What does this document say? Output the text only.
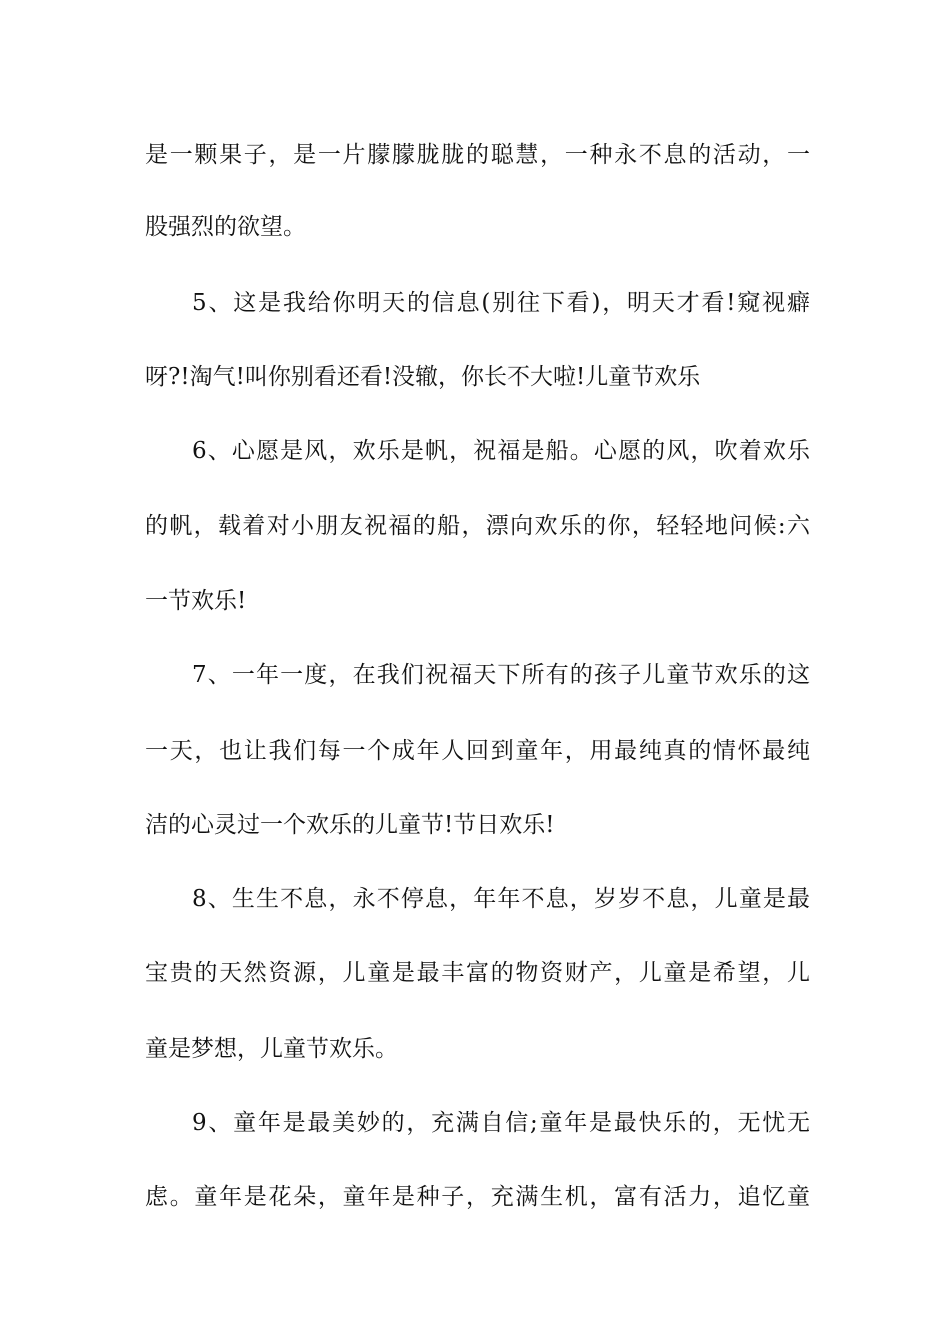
是一颗果子，是一片朦朦胧胧的聪慧，一种永不息的活动，一
股强烈的欲望。
5、这是我给你明天的信息(别往下看)，明天才看!窥视癖
呀?!淘气!叫你别看还看!没辙，你长不大啦!儿童节欢乐
6、心愿是风，欢乐是帆，祝福是船。心愿的风，吹着欢乐
的帆，载着对小朋友祝福的船，漂向欢乐的你，轻轻地问候:六
一节欢乐!
7、一年一度，在我们祝福天下所有的孩子儿童节欢乐的这
一天，也让我们每一个成年人回到童年，用最纯真的情怀最纯
洁的心灵过一个欢乐的儿童节!节日欢乐!
8、生生不息，永不停息，年年不息，岁岁不息，儿童是最
宝贵的天然资源，儿童是最丰富的物资财产，儿童是希望，儿
童是梦想，儿童节欢乐。
9、童年是最美妙的，充满自信;童年是最快乐的，无忧无
虑。童年是花朵，童年是种子，充满生机，富有活力，追忆童
